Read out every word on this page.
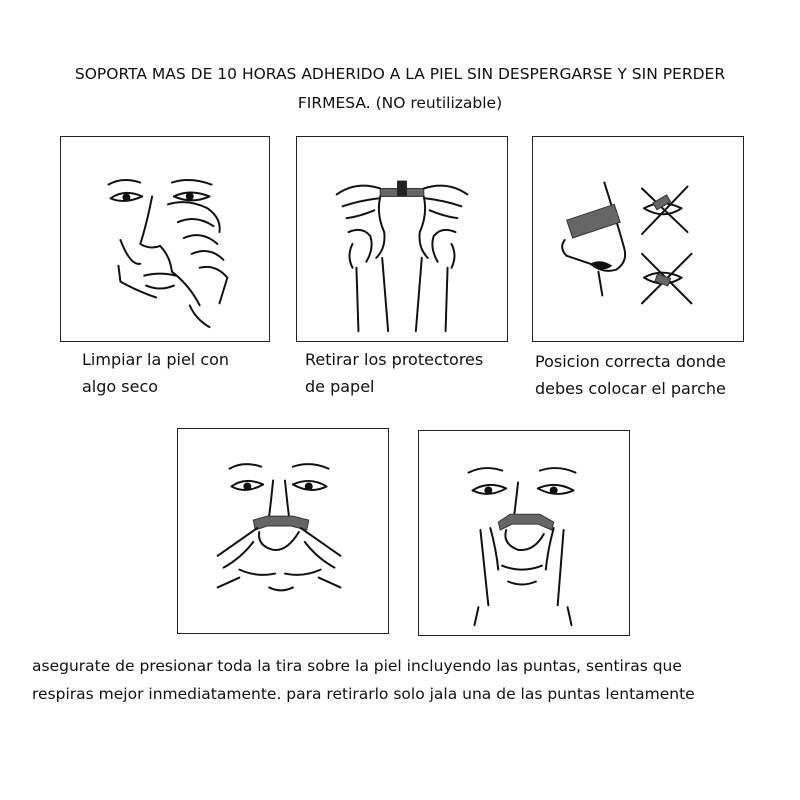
SOPORTA MAS DE 10 HORAS ADHERIDO A LA PIEL SIN DESPERGARSE Y SIN PERDER
FIRMESA. (NO reutilizable)
Limpiar la piel con
algo seco
Retirar los protectores
de papel
Posicion correcta donde
debes colocar el parche
asegurate de presionar toda la tira sobre la piel incluyendo las puntas, sentiras que
respiras mejor inmediatamente. para retirarlo solo jala una de las puntas lentamente
